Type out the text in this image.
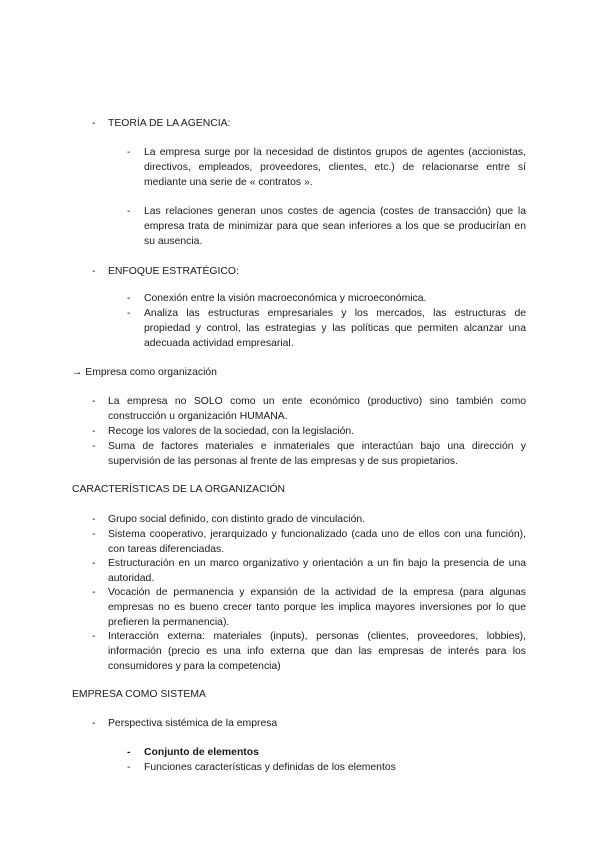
- TEORÍA DE LA AGENCIA:

- La empresa surge por la necesidad de distintos grupos de agentes (accionistas, directivos, empleados, proveedores, clientes, etc.) de relacionarse entre sí mediante una serie de « contratos ».

- Las relaciones generan unos costes de agencia (costes de transacción) que la empresa trata de minimizar para que sean inferiores a los que se producirían en su ausencia.

- ENFOQUE ESTRATÉGICO:

- Conexión entre la visión macroeconómica y microeconómica.

- Analiza las estructuras empresariales y los mercados, las estructuras de propiedad y control, las estrategias y las políticas que permiten alcanzar una adecuada actividad empresarial.

→ Empresa como organización

- La empresa no SOLO como un ente económico (productivo) sino también como construcción u organización HUMANA.

- Recoge los valores de la sociedad, con la legislación.

- Suma de factores materiales e inmateriales que interactúan bajo una dirección y supervisión de las personas al frente de las empresas y de sus propietarios.

CARACTERÍSTICAS DE LA ORGANIZACIÓN

- Grupo social definido, con distinto grado de vinculación.

- Sistema cooperativo, jerarquizado y funcionalizado (cada uno de ellos con una función), con tareas diferenciadas.

- Estructuración en un marco organizativo y orientación a un fin bajo la presencia de una autoridad.

- Vocación de permanencia y expansión de la actividad de la empresa (para algunas empresas no es bueno crecer tanto porque les implica mayores inversiones por lo que prefieren la permanencia).

- Interacción externa: materiales (inputs), personas (clientes, proveedores, lobbies), información (precio es una info externa que dan las empresas de interés para los consumidores y para la competencia)

EMPRESA COMO SISTEMA

- Perspectiva sistémica de la empresa

- Conjunto de elementos

- Funciones características y definidas de los elementos
